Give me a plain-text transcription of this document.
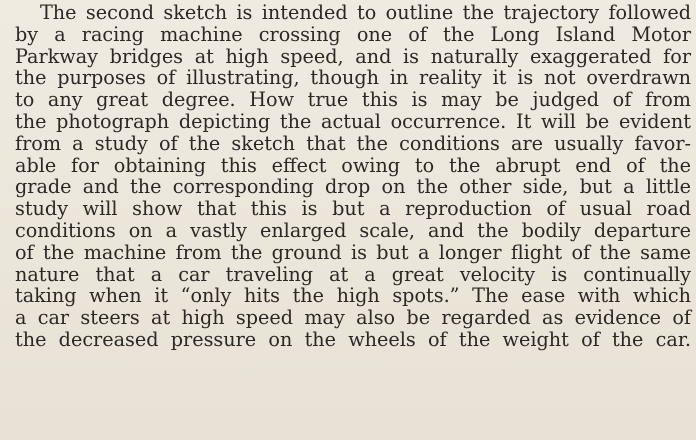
The second sketch is intended to outline the trajectory followed
by a racing machine crossing one of the Long Island Motor
Parkway bridges at high speed, and is naturally exaggerated for
the purposes of illustrating, though in reality it is not overdrawn
to any great degree. How true this is may be judged of from
the photograph depicting the actual occurrence. It will be evident
from a study of the sketch that the conditions are usually favor-
able for obtaining this effect owing to the abrupt end of the
grade and the corresponding drop on the other side, but a little
study will show that this is but a reproduction of usual road
conditions on a vastly enlarged scale, and the bodily departure
of the machine from the ground is but a longer flight of the same
nature that a car traveling at a great velocity is continually
taking when it “only hits the high spots.” The ease with which
a car steers at high speed may also be regarded as evidence of
the decreased pressure on the wheels of the weight of the car.
